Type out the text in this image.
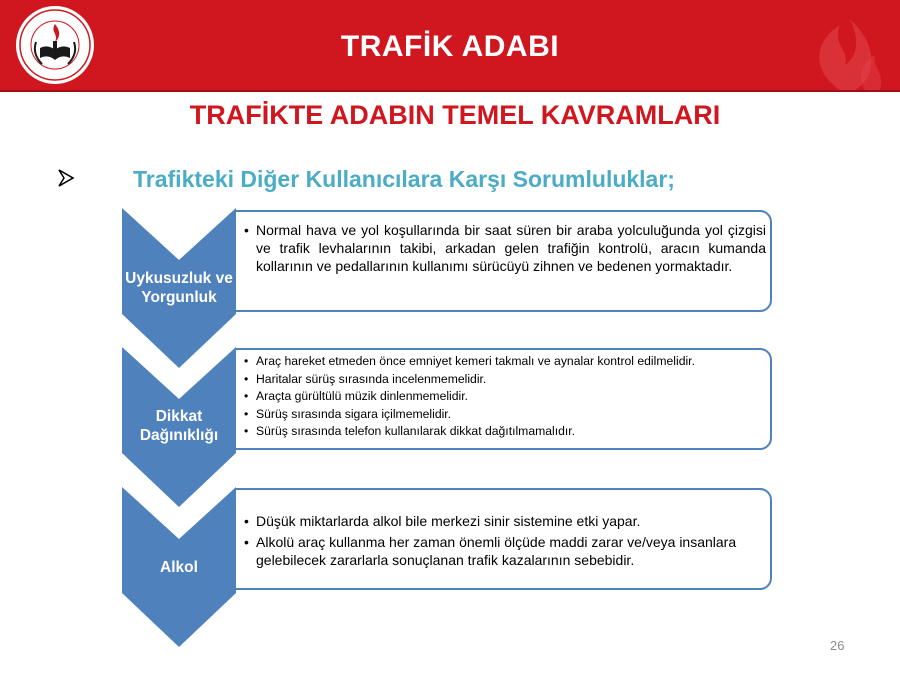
TRAFİK ADABI
TRAFİKTE ADABIN TEMEL KAVRAMLARI
Trafikteki Diğer Kullanıcılara Karşı Sorumluluklar;
Uykusuzluk ve Yorgunluk
• Normal hava ve yol koşullarında bir saat süren bir araba yolculuğunda yol çizgisi ve trafik levhalarının takibi, arkadan gelen trafiğin kontrolü, aracın kumanda kollarının ve pedallarının kullanımı sürücüyü zihnen ve bedenen yormaktadır.
Dikkat Dağınıklığı
• Araç hareket etmeden önce emniyet kemeri takmalı ve aynalar kontrol edilmelidir.
• Haritalar sürüş sırasında incelenmemelidir.
• Araçta gürültülü müzik dinlenmemelidir.
• Sürüş sırasında sigara içilmemelidir.
• Sürüş sırasında telefon kullanılarak dikkat dağıtılmamalıdır.
Alkol
• Düşük miktarlarda alkol bile merkezi sinir sistemine etki yapar.
• Alkolü araç kullanma her zaman önemli ölçüde maddi zarar ve/veya insanlara gelebilecek zararlarla sonuçlanan trafik kazalarının sebebidir.
26
